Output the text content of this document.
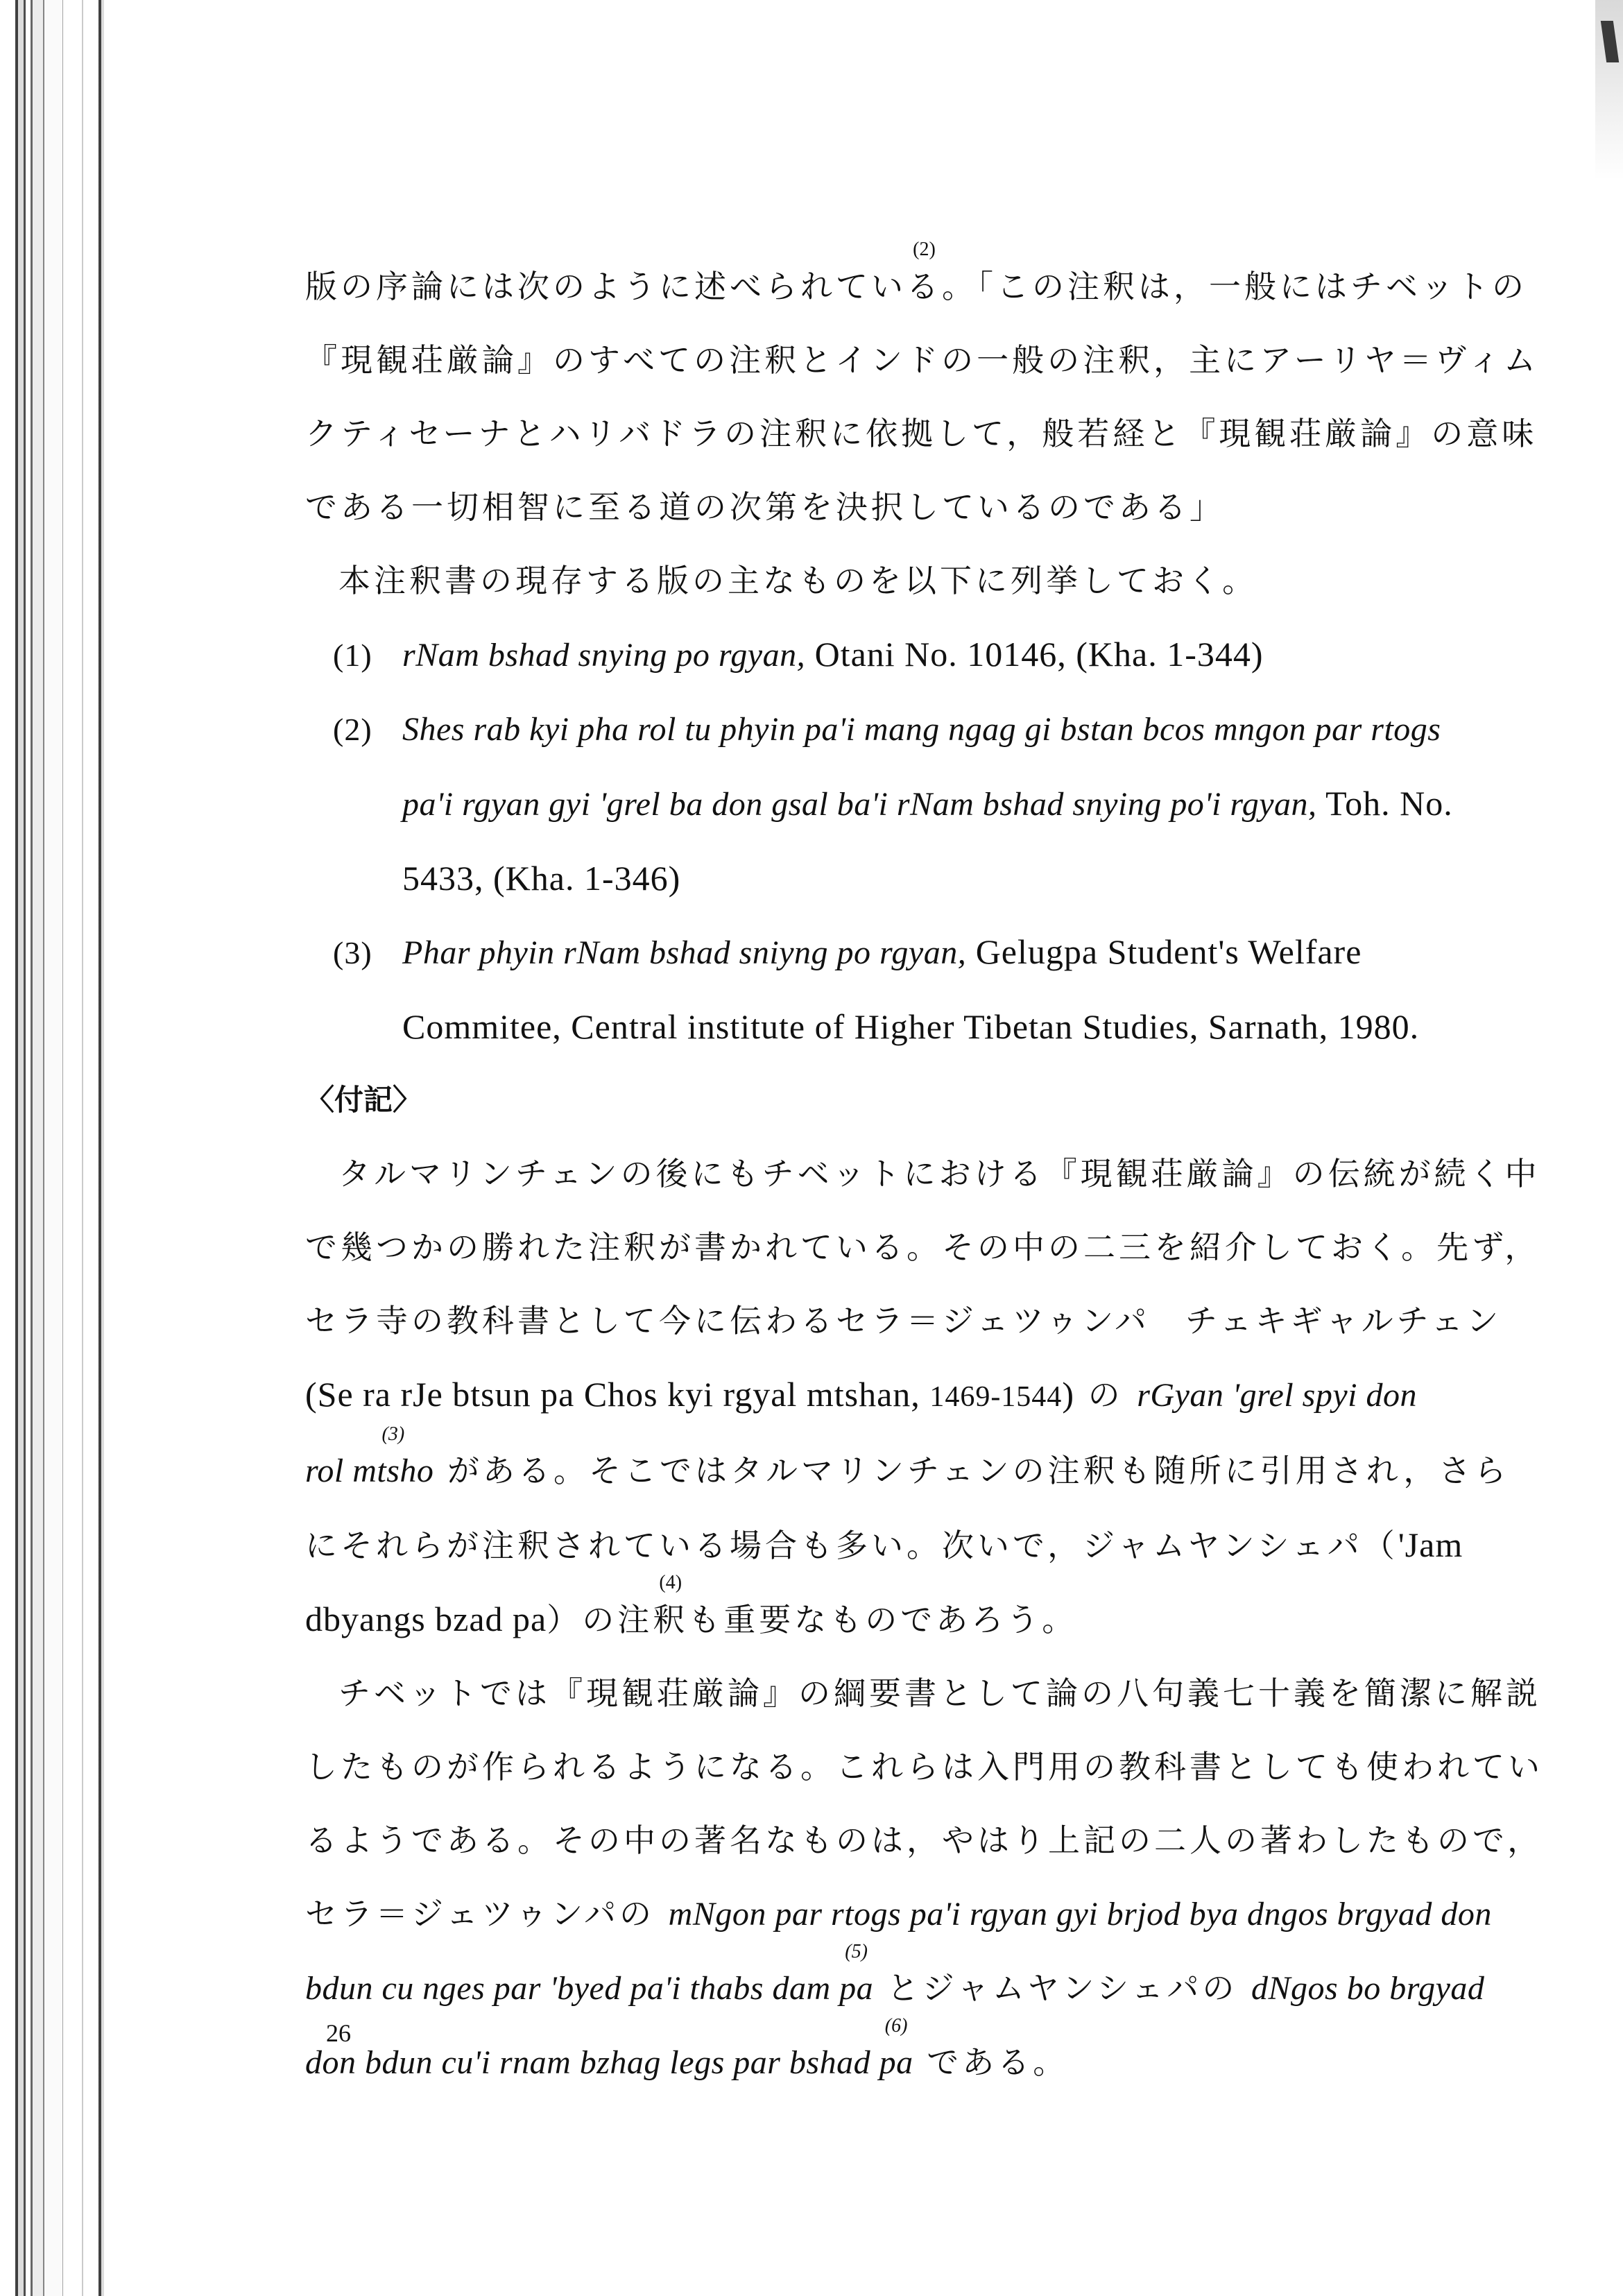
版の序論には次のように述べられている
(2)
。「この注釈は，一般にはチベットの

『現観荘厳論』のすべての注釈とインドの一般の注釈，主にアーリヤ＝ヴィム

クティセーナとハリバドラの注釈に依拠して，般若経と『現観荘厳論』の意味

である一切相智に至る道の次第を決択しているのである」

本注釈書の現存する版の主なものを以下に列挙しておく。

(1) rNam bshad snying po rgyan, Otani No. 10146, (Kha. 1-344)
(2) Shes rab kyi pha rol tu phyin pa'i mang ngag gi bstan bcos mngon par rtogs
pa'i rgyan gyi 'grel ba don gsal ba'i rNam bshad snying po'i rgyan, Toh. No.
5433, (Kha. 1-346)
(3) Phar phyin rNam bshad sniyng po rgyan, Gelugpa Student's Welfare
Commitee, Central institute of Higher Tibetan Studies, Sarnath, 1980.

〈付記〉

タルマリンチェンの後にもチベットにおける『現観荘厳論』の伝統が続く中

で幾つかの勝れた注釈が書かれている。その中の二三を紹介しておく。先ず，

セラ寺の教科書として今に伝わるセラ＝ジェツゥンパ　チェキギャルチェン

(Se ra rJe btsun pa Chos kyi rgyal mtshan, 1469-1544) の rGyan 'grel spyi don

rol mts
(3)
ho がある。そこではタルマリンチェンの注釈も随所に引用され，さら

にそれらが注釈されている場合も多い。次いで，ジャムヤンシェパ（'Jam

dbyangs bzad pa）の注釈
(4)
も重要なものであろう。

チベットでは『現観荘厳論』の綱要書として論の八句義七十義を簡潔に解説

したものが作られるようになる。これらは入門用の教科書としても使われてい

るようである。その中の著名なものは，やはり上記の二人の著わしたもので，

セラ＝ジェツゥンパの mNgon par rtogs pa'i rgyan gyi brjod bya dngos brgyad don

bdun cu nges par 'byed pa'i thabs dam pa
(5)
とジャムヤンシェパの dNgos bo brgyad

don bdun cu'i rnam bzhag legs par bshad pa
(6)
である。

26
